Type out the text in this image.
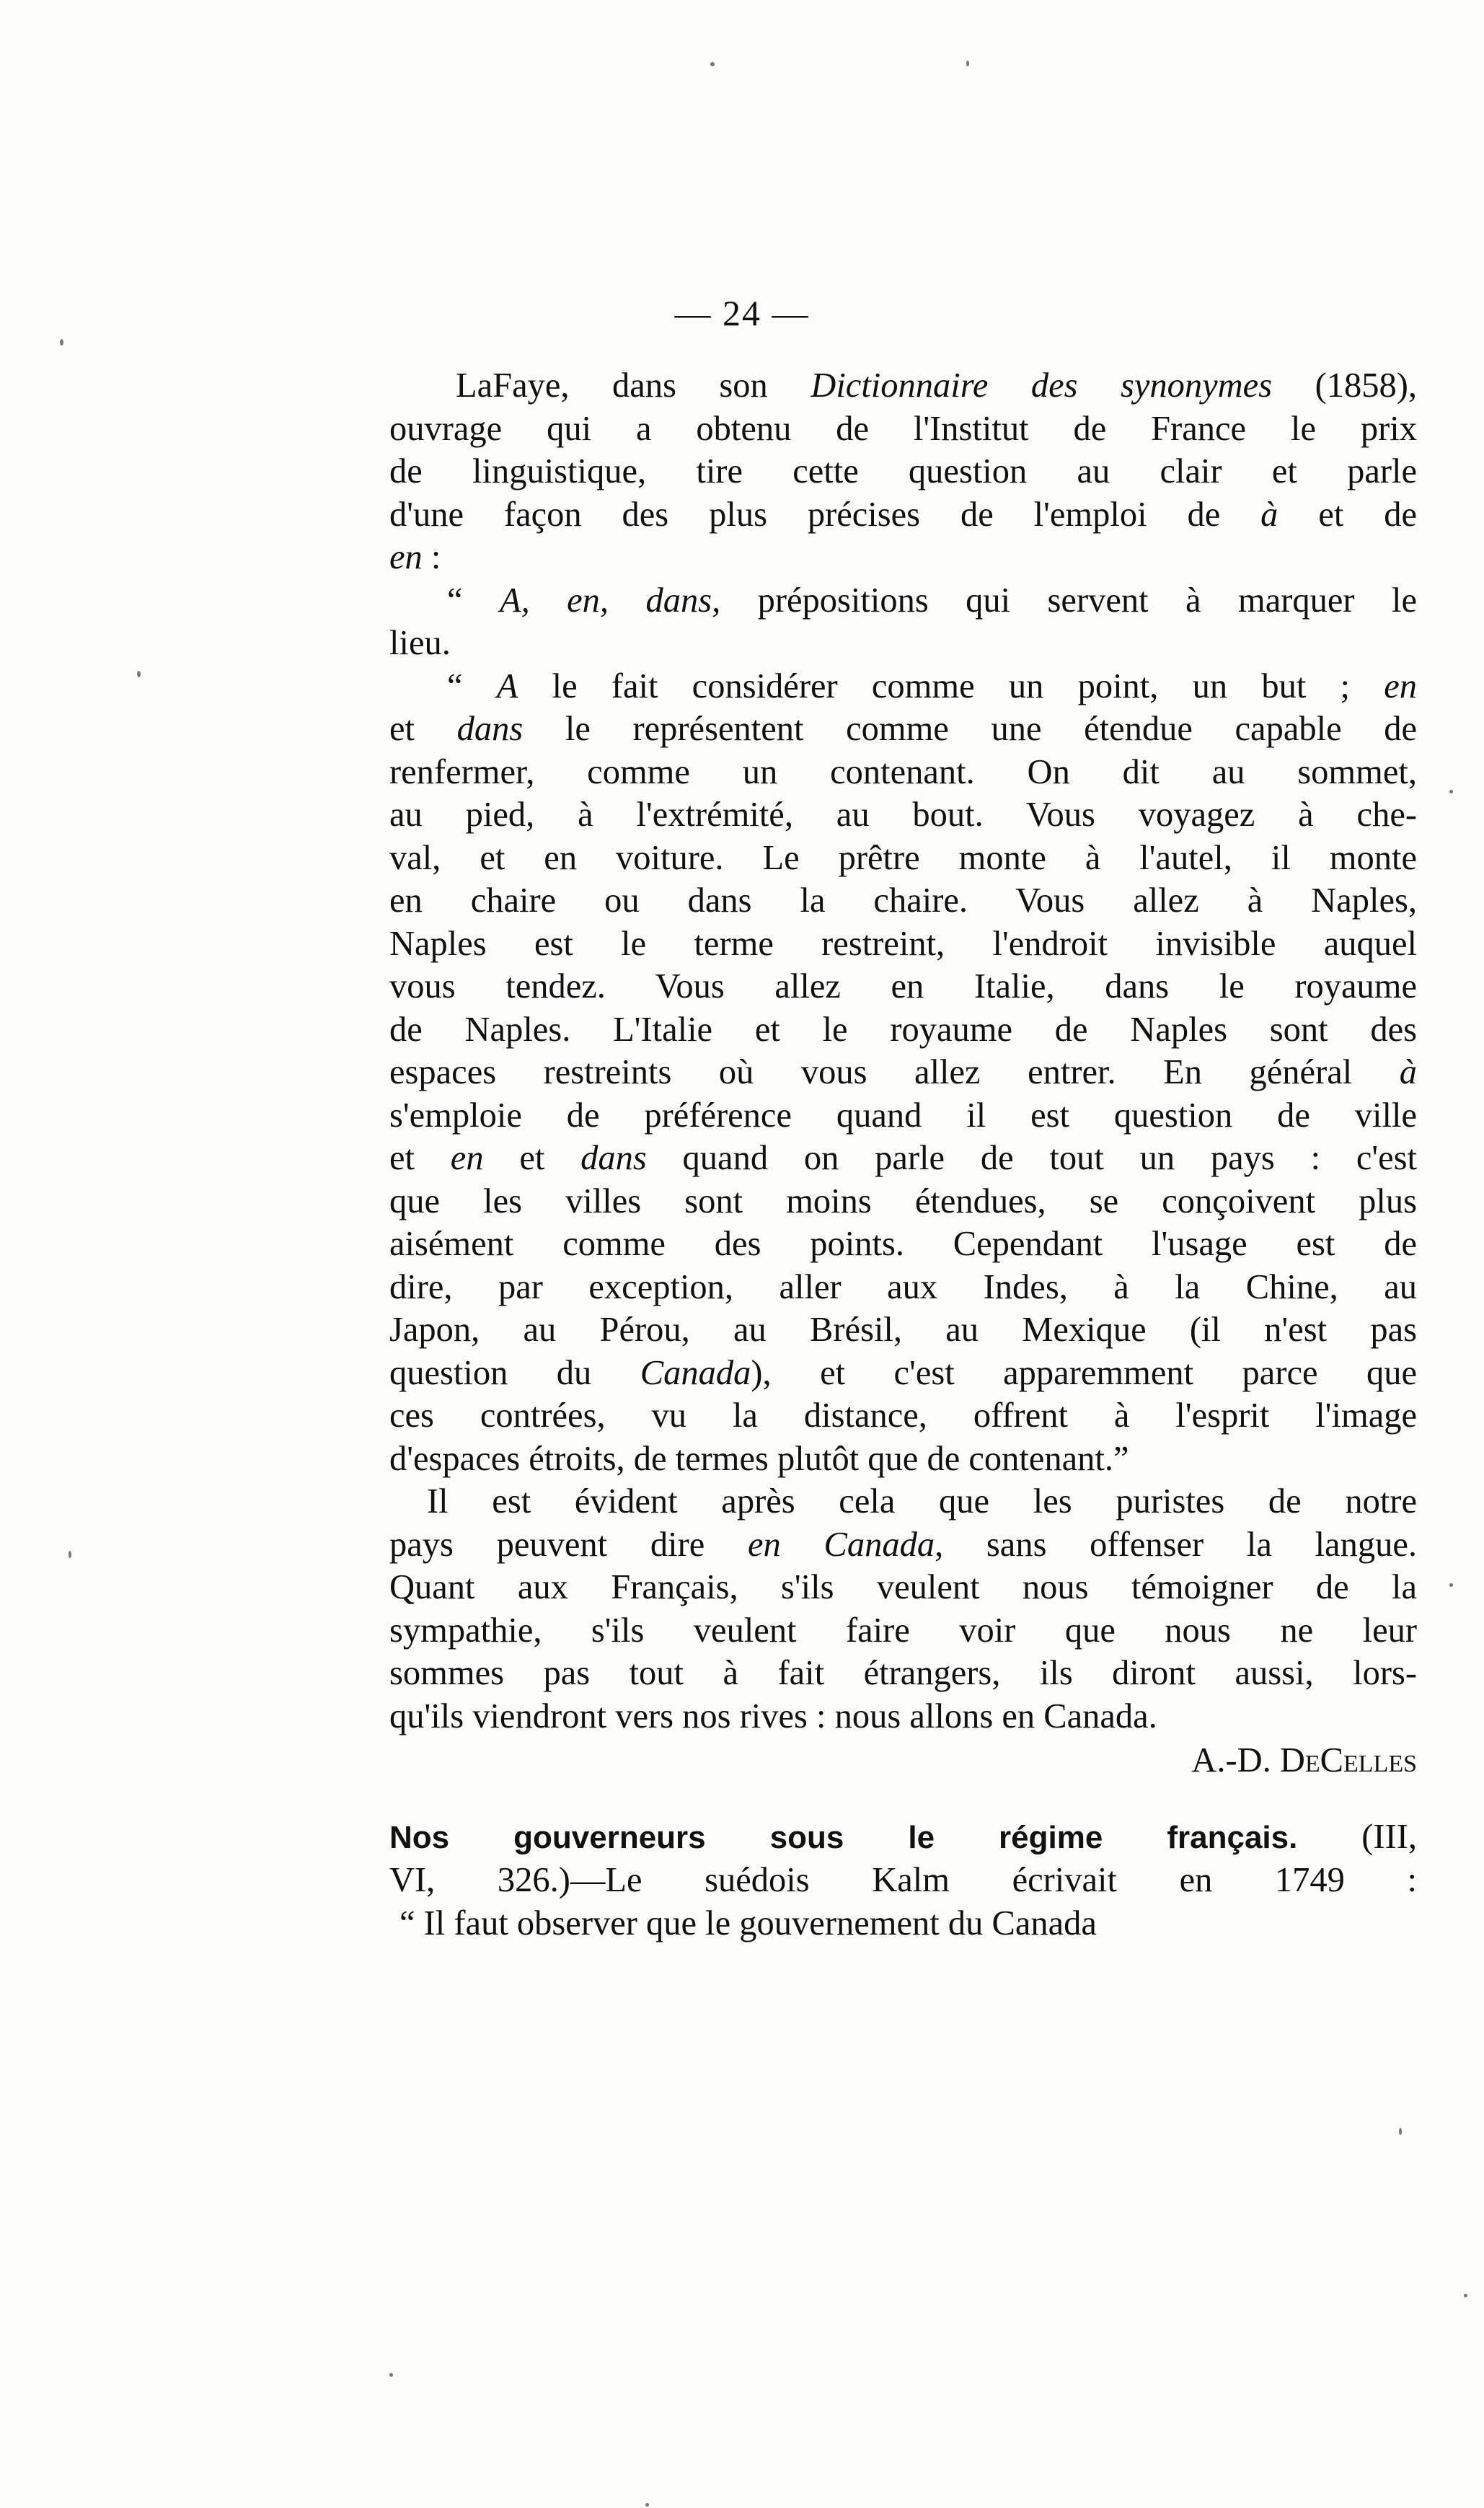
— 24 —
LaFaye, dans son Dictionnaire des synonymes (1858),
ouvrage qui a obtenu de l'Institut de France le prix
de linguistique, tire cette question au clair et parle
d'une façon des plus précises de l'emploi de à et de
en :
“ A, en, dans, prépositions qui servent à marquer le
lieu.
“ A le fait considérer comme un point, un but ; en
et dans le représentent comme une étendue capable de
renfermer, comme un contenant. On dit au sommet,
au pied, à l'extrémité, au bout. Vous voyagez à che-
val, et en voiture. Le prêtre monte à l'autel, il monte
en chaire ou dans la chaire. Vous allez à Naples,
Naples est le terme restreint, l'endroit invisible auquel
vous tendez. Vous allez en Italie, dans le royaume
de Naples. L'Italie et le royaume de Naples sont des
espaces restreints où vous allez entrer. En général à
s'emploie de préférence quand il est question de ville
et en et dans quand on parle de tout un pays : c'est
que les villes sont moins étendues, se conçoivent plus
aisément comme des points. Cependant l'usage est de
dire, par exception, aller aux Indes, à la Chine, au
Japon, au Pérou, au Brésil, au Mexique (il n'est pas
question du Canada), et c'est apparemment parce que
ces contrées, vu la distance, offrent à l'esprit l'image
d'espaces étroits, de termes plutôt que de contenant.”
Il est évident après cela que les puristes de notre
pays peuvent dire en Canada, sans offenser la langue.
Quant aux Français, s'ils veulent nous témoigner de la
sympathie, s'ils veulent faire voir que nous ne leur
sommes pas tout à fait étrangers, ils diront aussi, lors-
qu'ils viendront vers nos rives : nous allons en Canada.
A.-D. DeCelles
Nos gouverneurs sous le régime français. (III,
VI, 326.)—Le suédois Kalm écrivait en 1749 :
“ Il faut observer que le gouvernement du Canada
